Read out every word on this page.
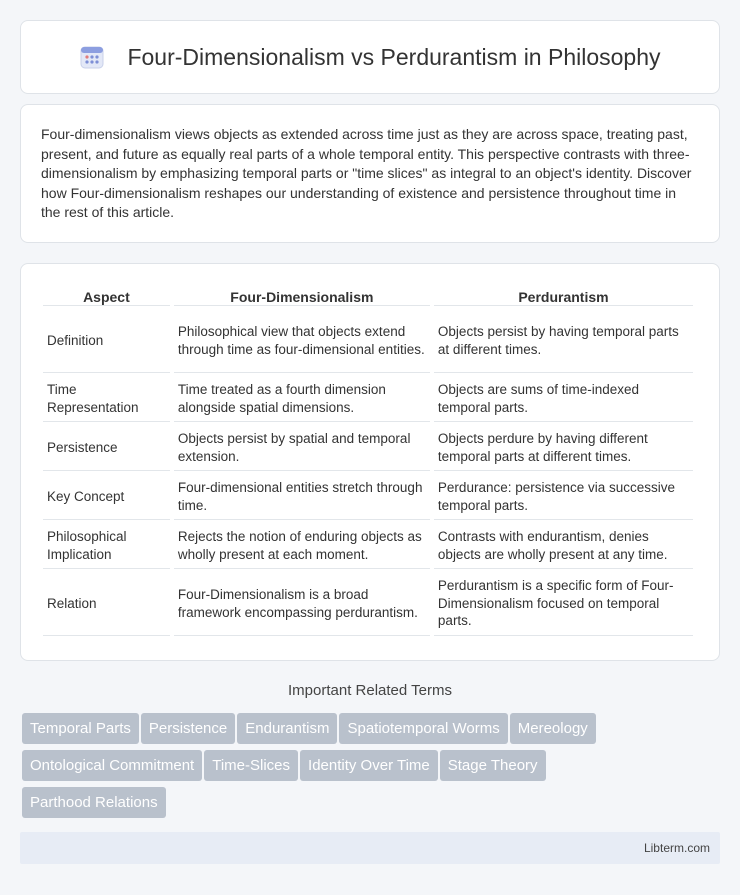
Four-Dimensionalism vs Perdurantism in Philosophy

Four-dimensionalism views objects as extended across time just as they are across space, treating past, present, and future as equally real parts of a whole temporal entity. This perspective contrasts with three-dimensionalism by emphasizing temporal parts or "time slices" as integral to an object's identity. Discover how Four-dimensionalism reshapes our understanding of existence and persistence throughout time in the rest of this article.

Aspect	Four-Dimensionalism	Perdurantism
Definition	Philosophical view that objects extend through time as four-dimensional entities.	Objects persist by having temporal parts at different times.
Time Representation	Time treated as a fourth dimension alongside spatial dimensions.	Objects are sums of time-indexed temporal parts.
Persistence	Objects persist by spatial and temporal extension.	Objects perdure by having different temporal parts at different times.
Key Concept	Four-dimensional entities stretch through time.	Perdurance: persistence via successive temporal parts.
Philosophical Implication	Rejects the notion of enduring objects as wholly present at each moment.	Contrasts with endurantism, denies objects are wholly present at any time.
Relation	Four-Dimensionalism is a broad framework encompassing perdurantism.	Perdurantism is a specific form of Four-Dimensionalism focused on temporal parts.
Important Related Terms
Temporal Parts Persistence Endurantism Spatiotemporal Worms Mereology
Ontological Commitment Time-Slices Identity Over Time Stage Theory
Parthood Relations
Libterm.com
